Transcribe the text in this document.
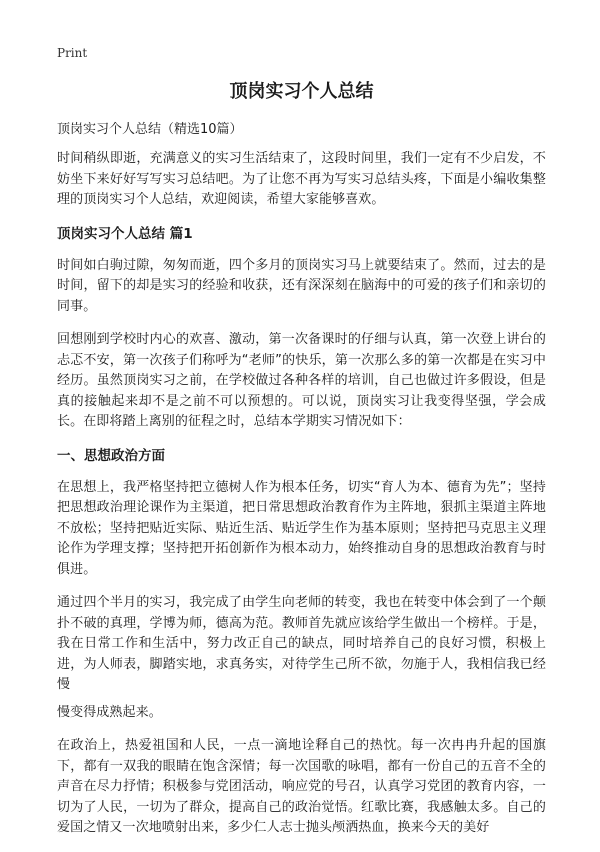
Print
顶岗实习个人总结

顶岗实习个人总结（精选10篇）

时间稍纵即逝，充满意义的实习生活结束了，这段时间里，我们一定有不少启发，不妨坐下来好好写写实习总结吧。为了让您不再为写实习总结头疼，下面是小编收集整理的顶岗实习个人总结，欢迎阅读，希望大家能够喜欢。

顶岗实习个人总结 篇1

时间如白驹过隙，匆匆而逝，四个多月的顶岗实习马上就要结束了。然而，过去的是时间，留下的却是实习的经验和收获，还有深深刻在脑海中的可爱的孩子们和亲切的同事。

回想刚到学校时内心的欢喜、激动，第一次备课时的仔细与认真，第一次登上讲台的忐忑不安，第一次孩子们称呼为“老师”的快乐，第一次那么多的第一次都是在实习中经历。虽然顶岗实习之前，在学校做过各种各样的培训，自己也做过许多假设，但是真的接触起来却不是之前不可以预想的。可以说，顶岗实习让我变得坚强，学会成长。在即将踏上离别的征程之时，总结本学期实习情况如下：

一、思想政治方面

在思想上，我严格坚持把立德树人作为根本任务，切实“育人为本、德育为先”；坚持把思想政治理论课作为主渠道，把日常思想政治教育作为主阵地，狠抓主渠道主阵地不放松；坚持把贴近实际、贴近生活、贴近学生作为基本原则；坚持把马克思主义理论作为学理支撑；坚持把开拓创新作为根本动力，始终推动自身的思想政治教育与时俱进。

通过四个半月的实习，我完成了由学生向老师的转变，我也在转变中体会到了一个颠扑不破的真理，学博为师，德高为范。教师首先就应该给学生做出一个榜样。于是，我在日常工作和生活中，努力改正自己的缺点，同时培养自己的良好习惯，积极上进，为人师表，脚踏实地，求真务实，对待学生己所不欲，勿施于人，我相信我已经慢

慢变得成熟起来。

在政治上，热爱祖国和人民，一点一滴地诠释自己的热忱。每一次冉冉升起的国旗下，都有一双我的眼睛在饱含深情；每一次国歌的咏唱，都有一份自己的五音不全的声音在尽力抒情；积极参与党团活动，响应党的号召，认真学习党团的教育内容，一切为了人民，一切为了群众，提高自己的政治觉悟。红歌比赛，我感触太多。自己的爱国之情又一次地喷射出来，多少仁人志士抛头颅洒热血，换来今天的美好
